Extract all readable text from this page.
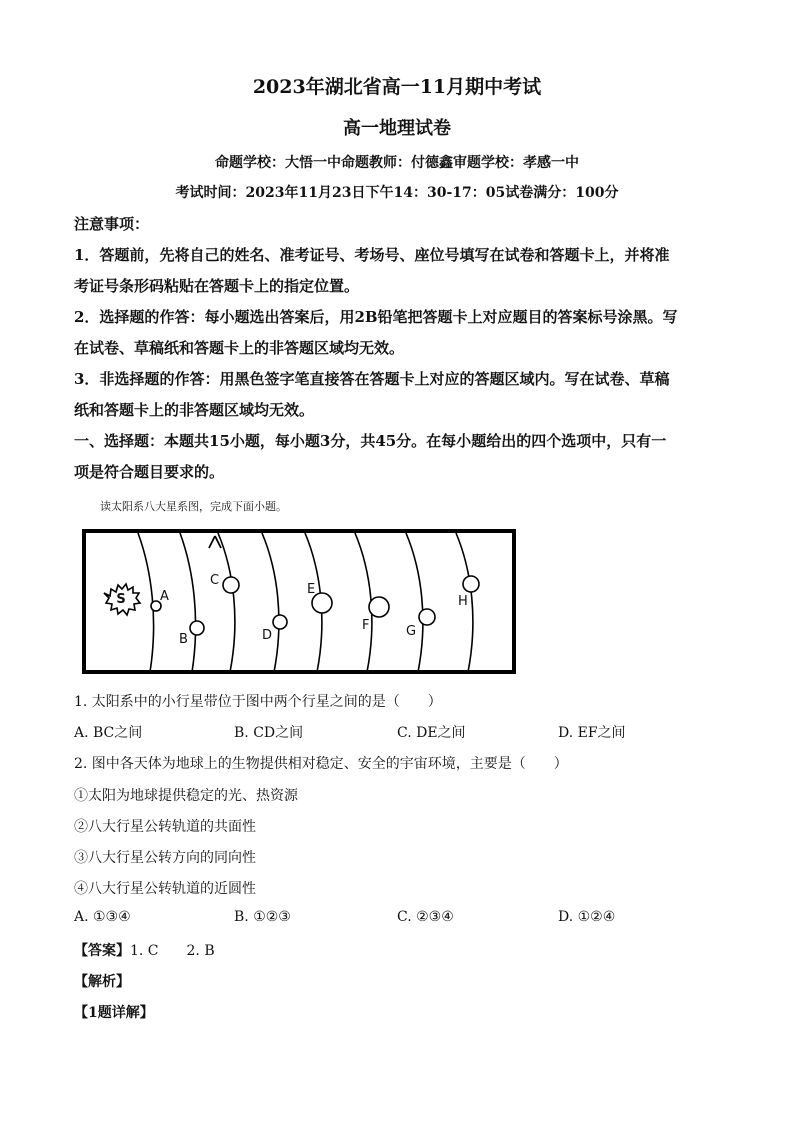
2023年湖北省高一11月期中考试
高一地理试卷
命题学校：大悟一中命题教师：付德鑫审题学校：孝感一中
考试时间：2023年11月23日下午14：30-17：05试卷满分：100分
注意事项：
1．答题前，先将自己的姓名、准考证号、考场号、座位号填写在试卷和答题卡上，并将准
考证号条形码粘贴在答题卡上的指定位置。
2．选择题的作答：每小题选出答案后，用2B铅笔把答题卡上对应题目的答案标号涂黑。写
在试卷、草稿纸和答题卡上的非答题区域均无效。
3．非选择题的作答：用黑色签字笔直接答在答题卡上对应的答题区域内。写在试卷、草稿
纸和答题卡上的非答题区域均无效。
一、选择题：本题共15小题，每小题3分，共45分。在每小题给出的四个选项中，只有一
项是符合题目要求的。
读太阳系八大星系图，完成下面小题。
S	A
B
C
D
E
F	G
H
1. 太阳系中的小行星带位于图中两个行星之间的是（　　）
A. BC之间	B. CD之间	C. DE之间	D. EF之间
2. 图中各天体为地球上的生物提供相对稳定、安全的宇宙环境，主要是（　　）
①太阳为地球提供稳定的光、热资源
②八大行星公转轨道的共面性
③八大行星公转方向的同向性
④八大行星公转轨道的近圆性
A. ①③④	B. ①②③	C. ②③④	D. ①②④
【答案】1. C　　2. B
【解析】
【1题详解】
